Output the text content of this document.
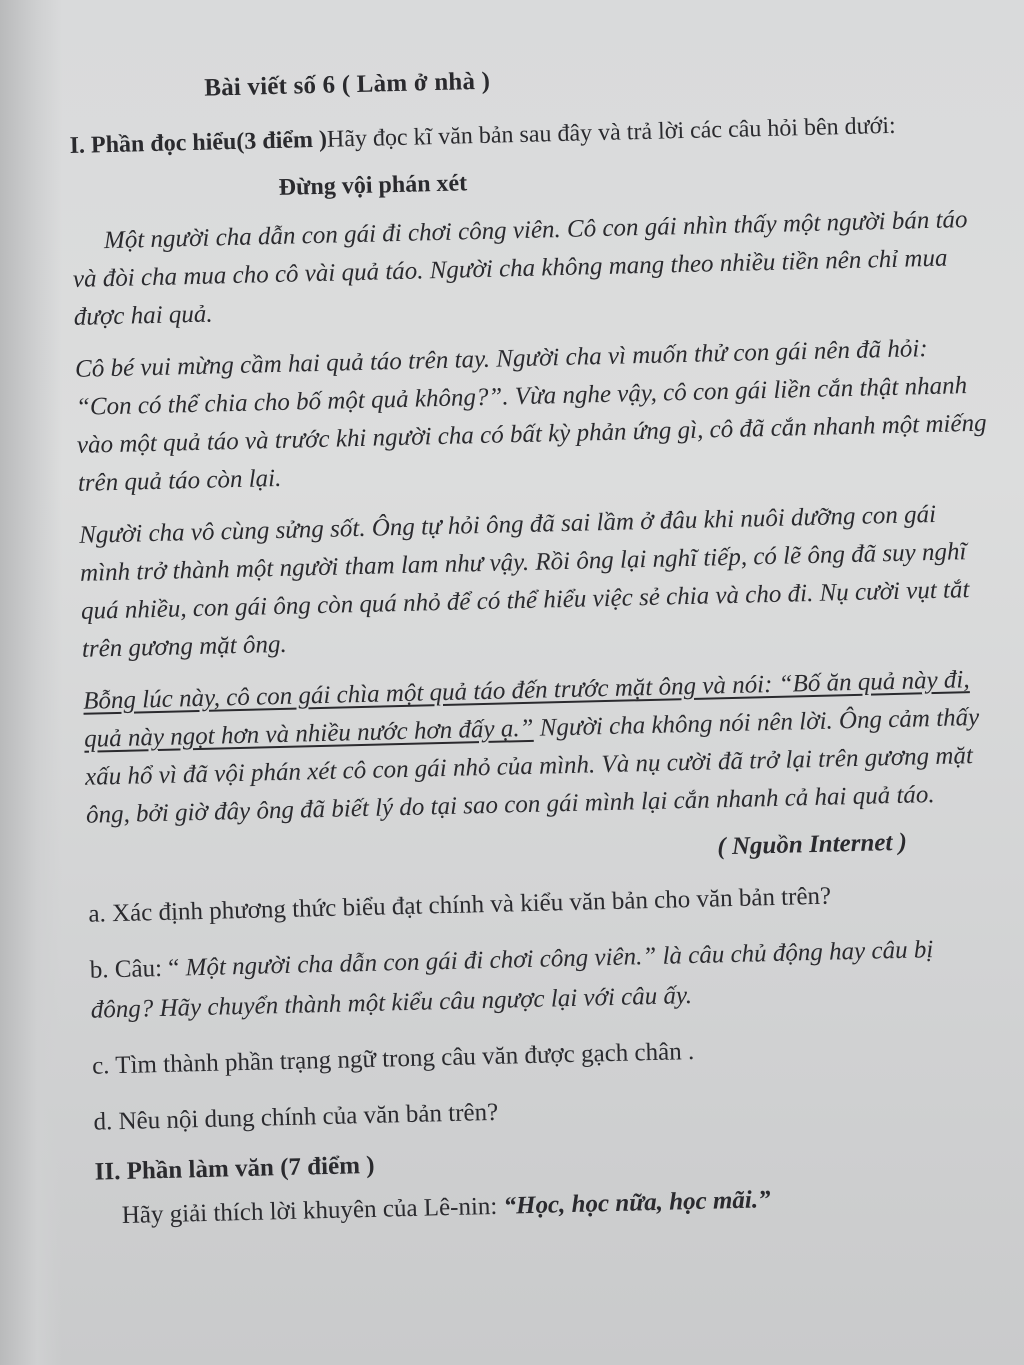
Bài viết số 6 ( Làm ở nhà )

I. Phần đọc hiểu(3 điểm )Hãy đọc kĩ văn bản sau đây và trả lời các câu hỏi bên dưới:

Đừng vội phán xét

Một người cha dẫn con gái đi chơi công viên. Cô con gái nhìn thấy một người bán táo và đòi cha mua cho cô vài quả táo. Người cha không mang theo nhiều tiền nên chỉ mua được hai quả.

Cô bé vui mừng cầm hai quả táo trên tay. Người cha vì muốn thử con gái nên đã hỏi: “Con có thể chia cho bố một quả không?”. Vừa nghe vậy, cô con gái liền cắn thật nhanh vào một quả táo và trước khi người cha có bất kỳ phản ứng gì, cô đã cắn nhanh một miếng trên quả táo còn lại.

Người cha vô cùng sửng sốt. Ông tự hỏi ông đã sai lầm ở đâu khi nuôi dưỡng con gái mình trở thành một người tham lam như vậy. Rồi ông lại nghĩ tiếp, có lẽ ông đã suy nghĩ quá nhiều, con gái ông còn quá nhỏ để có thể hiểu việc sẻ chia và cho đi. Nụ cười vụt tắt trên gương mặt ông.

Bỗng lúc này, cô con gái chìa một quả táo đến trước mặt ông và nói: “Bố ăn quả này đi, quả này ngọt hơn và nhiều nước hơn đấy ạ.” Người cha không nói nên lời. Ông cảm thấy xấu hổ vì đã vội phán xét cô con gái nhỏ của mình. Và nụ cười đã trở lại trên gương mặt ông, bởi giờ đây ông đã biết lý do tại sao con gái mình lại cắn nhanh cả hai quả táo.

( Nguồn Internet )

a. Xác định phương thức biểu đạt chính và kiểu văn bản cho văn bản trên?

b. Câu: “ Một người cha dẫn con gái đi chơi công viên.” là câu chủ động hay câu bị đông? Hãy chuyển thành một kiểu câu ngược lại với câu ấy.

c. Tìm thành phần trạng ngữ trong câu văn được gạch chân .

d. Nêu nội dung chính của văn bản trên?

II. Phần làm văn (7 điểm )
Hãy giải thích lời khuyên của Lê-nin: “Học, học nữa, học mãi.”
